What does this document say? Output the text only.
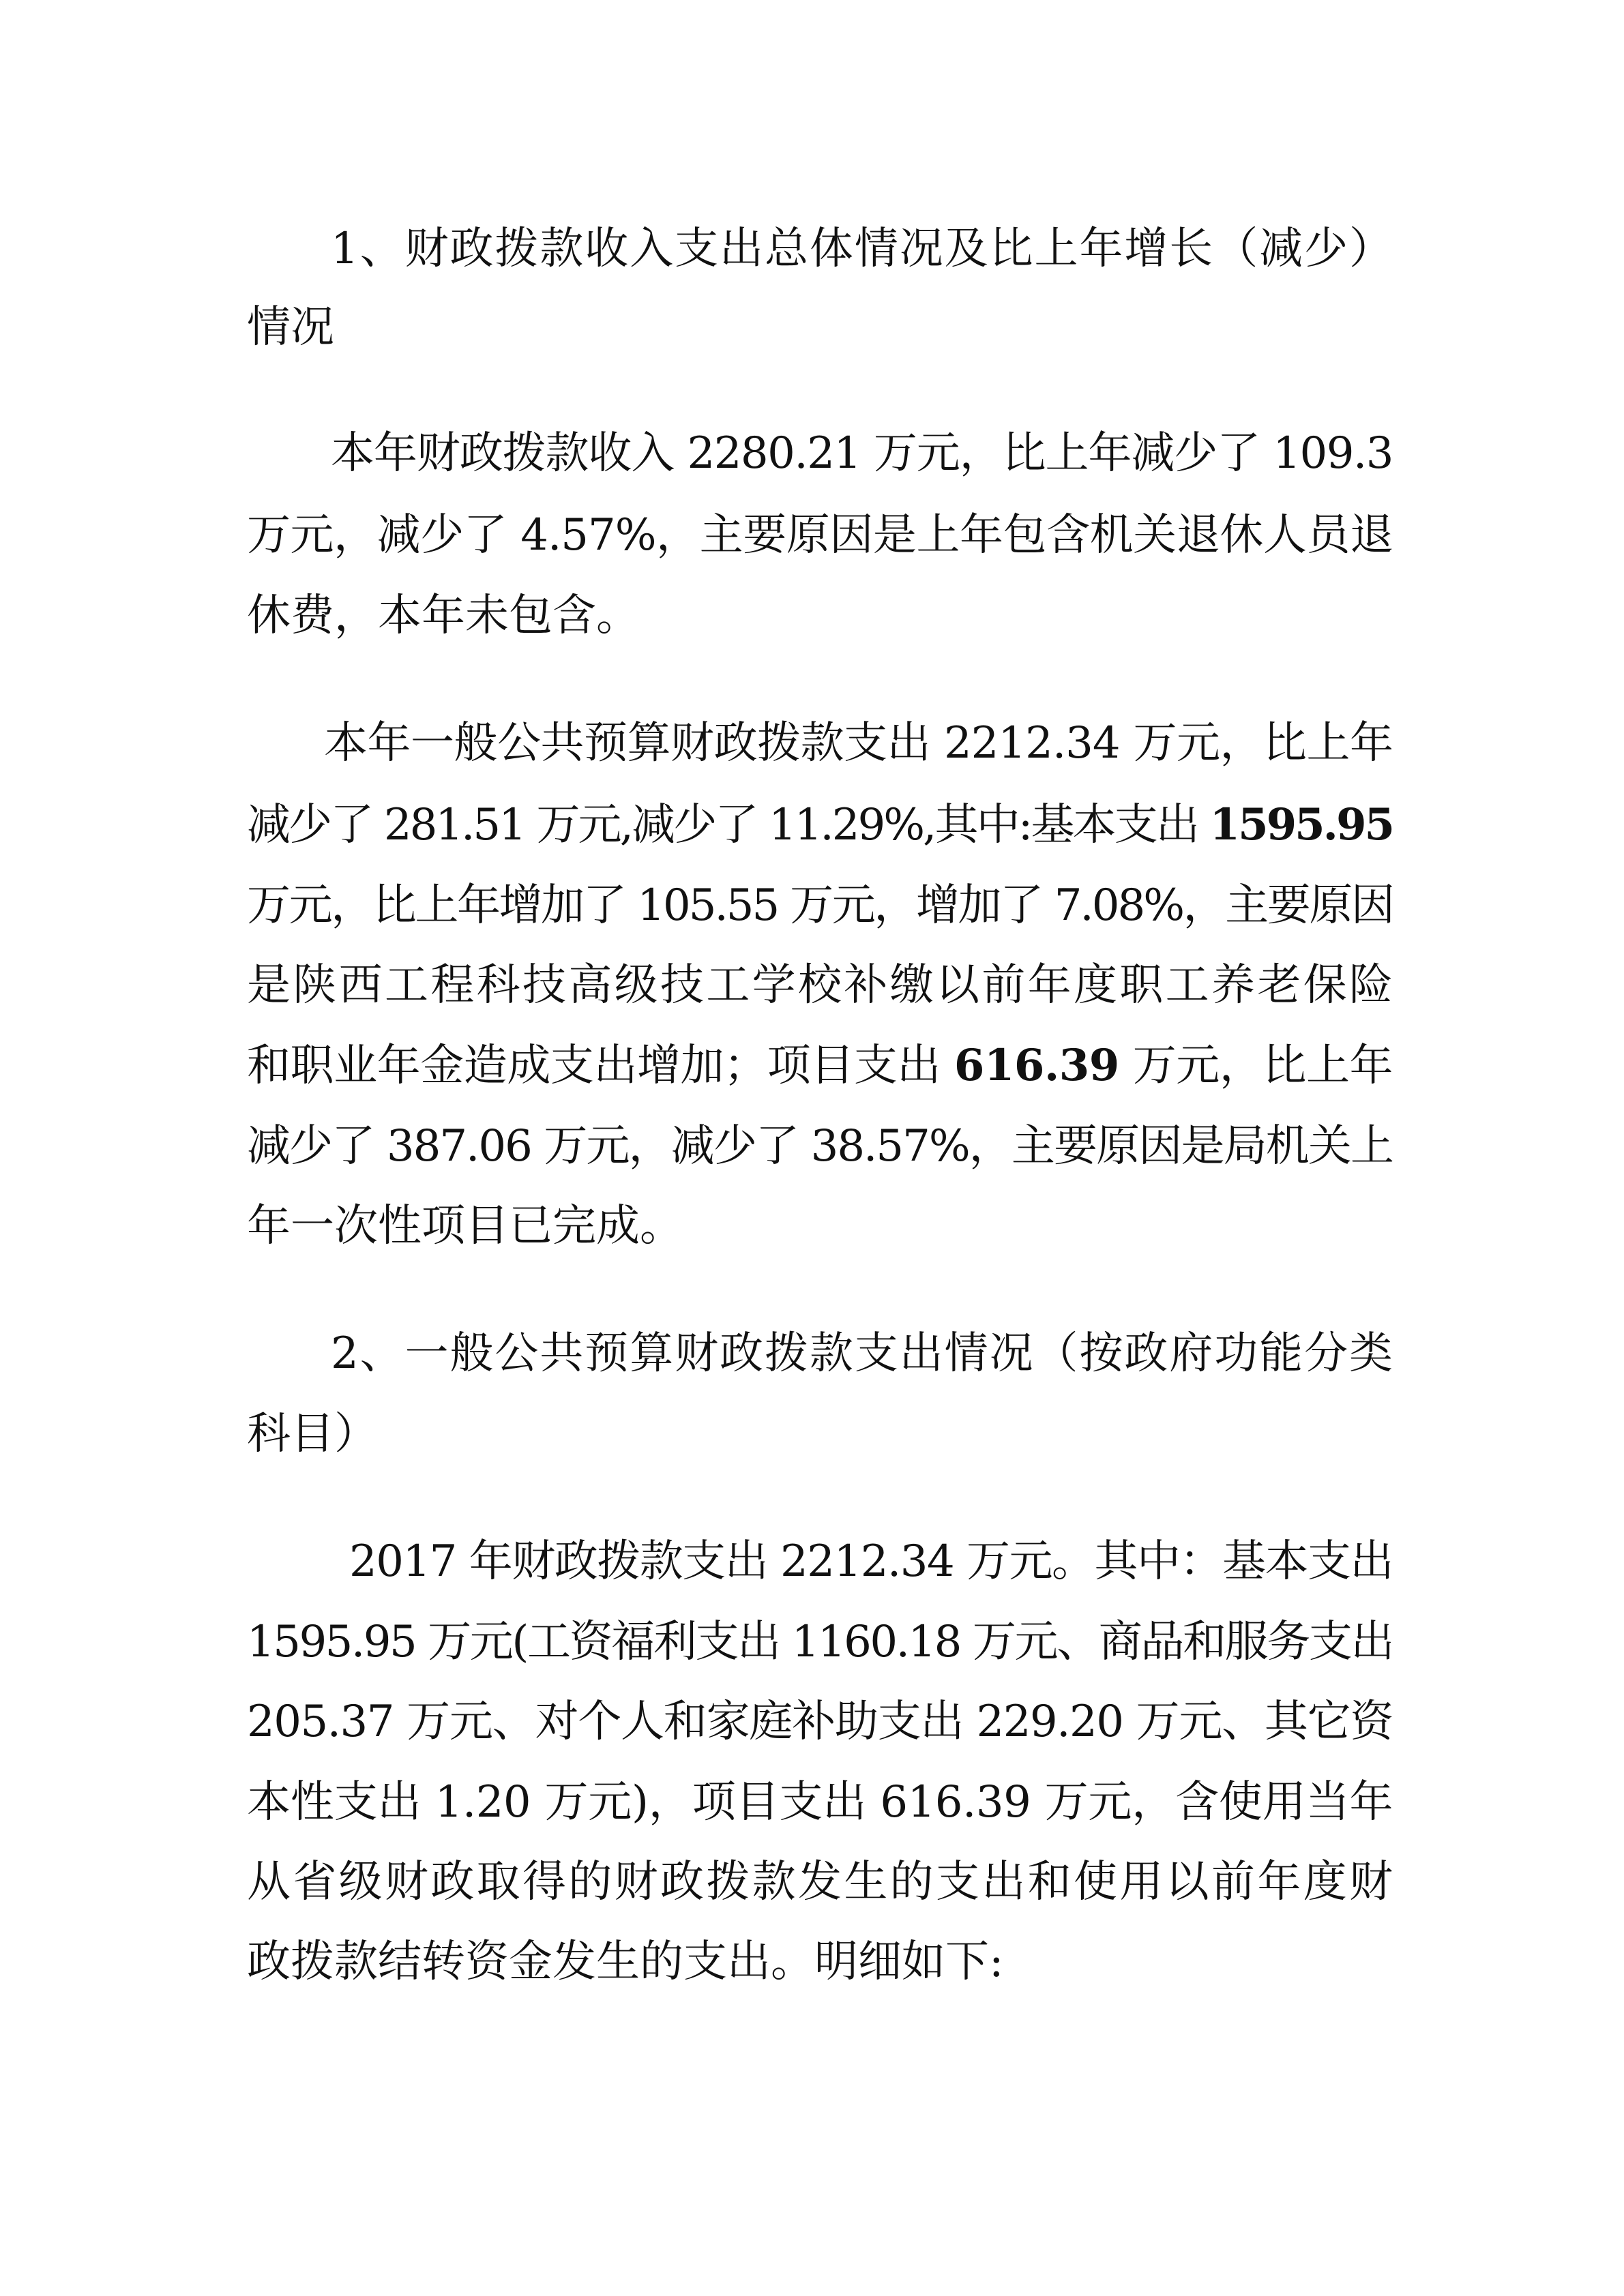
1、财政拨款收入支出总体情况及比上年增长（减少）

情况

本年财政拨款收入 2280.21 万元，比上年减少了 109.3

万元，减少了 4.57%，主要原因是上年包含机关退休人员退

休费，本年未包含。

本年一般公共预算财政拨款支出 2212.34 万元，比上年

减少了 281.51 万元,减少了 11.29%,其中:基本支出 1595.95

万元，比上年增加了 105.55 万元，增加了 7.08%，主要原因

是陕西工程科技高级技工学校补缴以前年度职工养老保险

和职业年金造成支出增加；项目支出 616.39 万元，比上年

减少了 387.06 万元，减少了 38.57%，主要原因是局机关上

年一次性项目已完成。

2、一般公共预算财政拨款支出情况（按政府功能分类

科目）

2017 年财政拨款支出 2212.34 万元。其中：基本支出

1595.95 万元(工资福利支出 1160.18 万元、商品和服务支出

205.37 万元、对个人和家庭补助支出 229.20 万元、其它资

本性支出 1.20 万元)，项目支出 616.39 万元，含使用当年

从省级财政取得的财政拨款发生的支出和使用以前年度财

政拨款结转资金发生的支出。明细如下:
